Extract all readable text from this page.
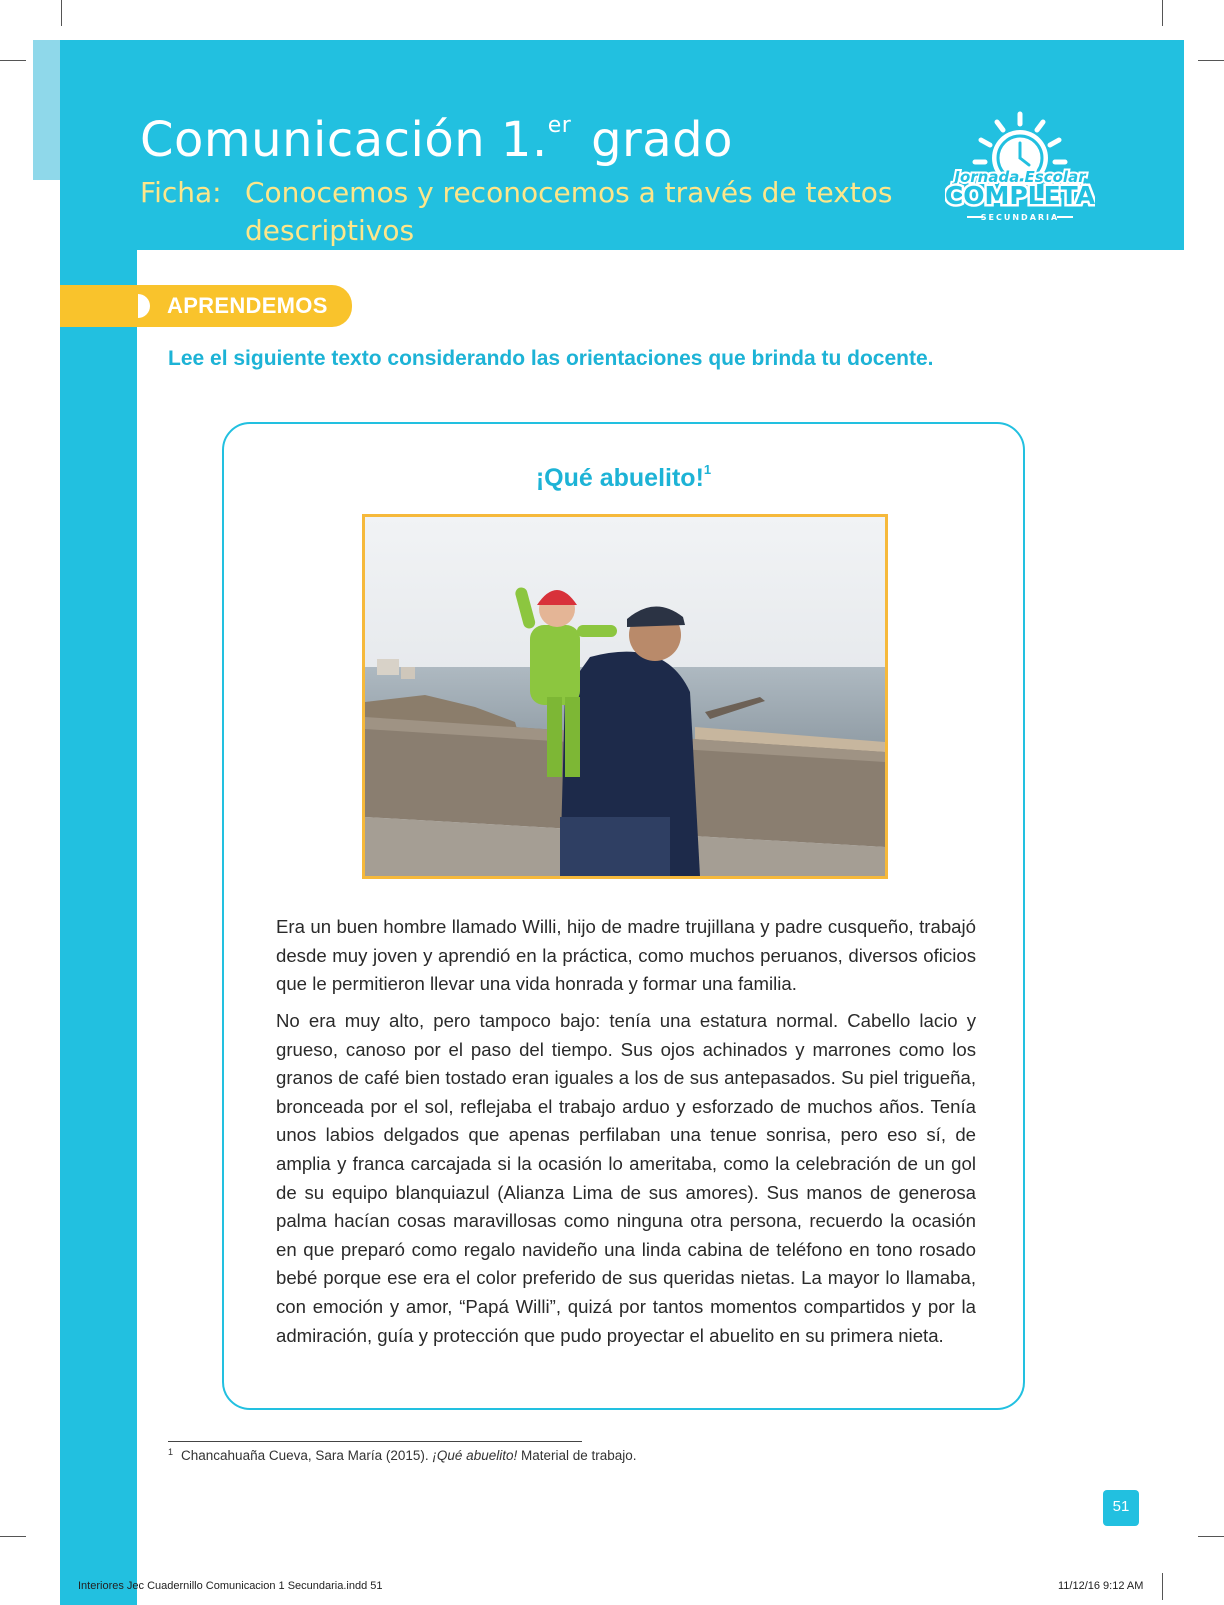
Comunicación 1.$^{er}$ grado
Ficha: Conocemos y reconocemos a través de textos descriptivos
Jornada Escolar
COMPLETA
SECUNDARIA
APRENDEMOS
Lee el siguiente texto considerando las orientaciones que brinda tu docente.
¡Qué abuelito!$^1$

Era un buen hombre llamado Willi, hijo de madre trujillana y padre cusqueño, trabajó desde muy joven y aprendió en la práctica, como muchos peruanos, diversos oficios que le permitieron llevar una vida honrada y formar una familia.

No era muy alto, pero tampoco bajo: tenía una estatura normal. Cabello lacio y grueso, canoso por el paso del tiempo. Sus ojos achinados y marrones como los granos de café bien tostado eran iguales a los de sus antepasados. Su piel trigueña, bronceada por el sol, reflejaba el trabajo arduo y esforzado de muchos años. Tenía unos labios delgados que apenas perfilaban una tenue sonrisa, pero eso sí, de amplia y franca carcajada si la ocasión lo ameritaba, como la celebración de un gol de su equipo blanquiazul (Alianza Lima de sus amores). Sus manos de generosa palma hacían cosas maravillosas como ninguna otra persona, recuerdo la ocasión en que preparó como regalo navideño una linda cabina de teléfono en tono rosado bebé porque ese era el color preferido de sus queridas nietas. La mayor lo llamaba, con emoción y amor, “Papá Willi”, quizá por tantos momentos compartidos y por la admiración, guía y protección que pudo proyectar el abuelito en su primera nieta.

$^1$ Chancahuaña Cueva, Sara María (2015). ¡Qué abuelito! Material de trabajo.
51
Interiores Jec Cuadernillo Comunicacion 1 Secundaria.indd 51	11/12/16 9:12 AM
